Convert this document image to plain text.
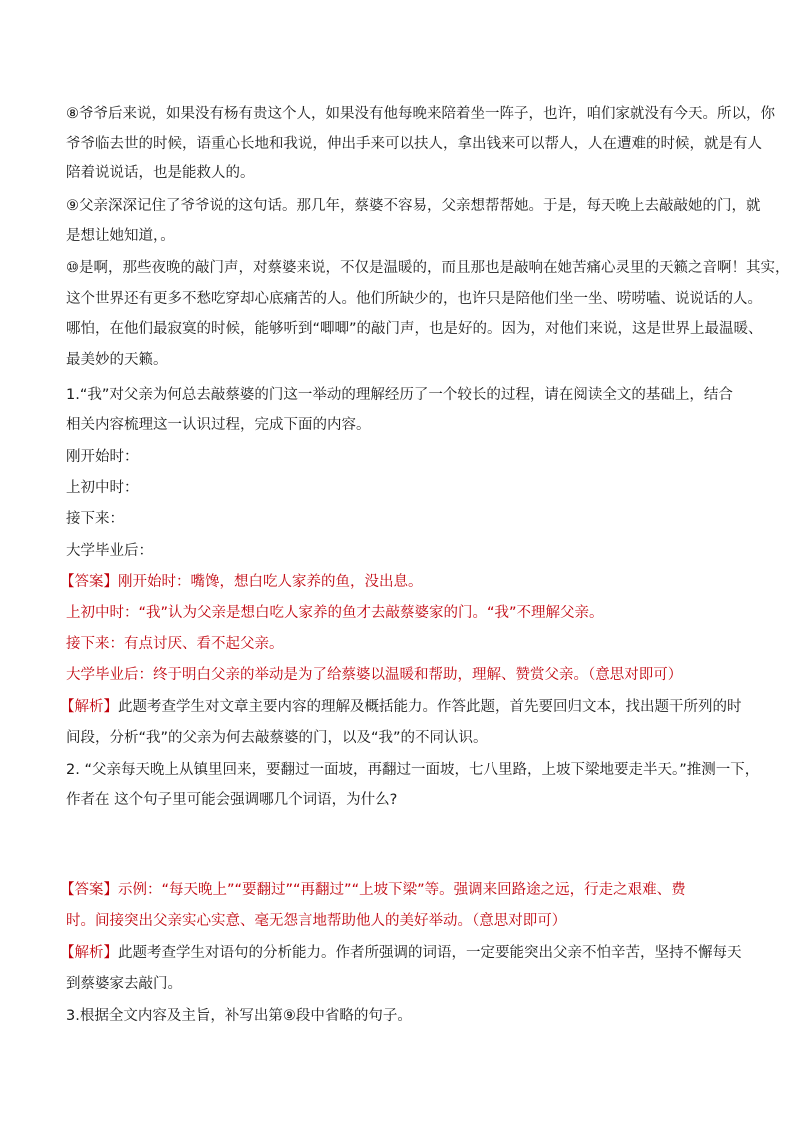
⑧爷爷后来说，如果没有杨有贵这个人，如果没有他每晚来陪着坐一阵子，也许，咱们家就没有今天。所以，你
爷爷临去世的时候，语重心长地和我说，伸出手来可以扶人，拿出钱来可以帮人，人在遭难的时候，就是有人
陪着说说话，也是能救人的。
⑨父亲深深记住了爷爷说的这句话。那几年，蔡婆不容易，父亲想帮帮她。于是，每天晚上去敲敲她的门，就
是想让她知道，。
⑩是啊，那些夜晚的敲门声，对蔡婆来说，不仅是温暖的，而且那也是敲响在她苦痛心灵里的天籁之音啊！其实，
这个世界还有更多不愁吃穿却心底痛苦的人。他们所缺少的，也许只是陪他们坐一坐、唠唠嗑、说说话的人。
哪怕，在他们最寂寞的时候，能够听到“唧唧”的敲门声，也是好的。因为，对他们来说，这是世界上最温暖、
最美妙的天籁。
1.“我”对父亲为何总去敲蔡婆的门这一举动的理解经历了一个较长的过程，请在阅读全文的基础上，结合
相关内容梳理这一认识过程，完成下面的内容。
刚开始时：
上初中时：
接下来：
大学毕业后：
【答案】刚开始时：嘴馋，想白吃人家养的鱼，没出息。
上初中时：“我”认为父亲是想白吃人家养的鱼才去敲蔡婆家的门。“我”不理解父亲。
接下来：有点讨厌、看不起父亲。
大学毕业后：终于明白父亲的举动是为了给蔡婆以温暖和帮助，理解、赞赏父亲。（意思对即可）
【解析】此题考查学生对文章主要内容的理解及概括能力。作答此题，首先要回归文本，找出题干所列的时
间段，分析“我”的父亲为何去敲蔡婆的门，以及“我”的不同认识。
2. “父亲每天晚上从镇里回来，要翻过一面坡，再翻过一面坡，七八里路，上坡下梁地要走半天。”推测一下，
作者在 这个句子里可能会强调哪几个词语，为什么?
【答案】示例：“每天晚上”“要翻过”“再翻过”“上坡下梁”等。强调来回路途之远，行走之艰难、费
时。间接突出父亲实心实意、毫无怨言地帮助他人的美好举动。（意思对即可）
【解析】此题考查学生对语句的分析能力。作者所强调的词语，一定要能突出父亲不怕辛苦，坚持不懈每天
到蔡婆家去敲门。
3.根据全文内容及主旨，补写出第⑨段中省略的句子。
